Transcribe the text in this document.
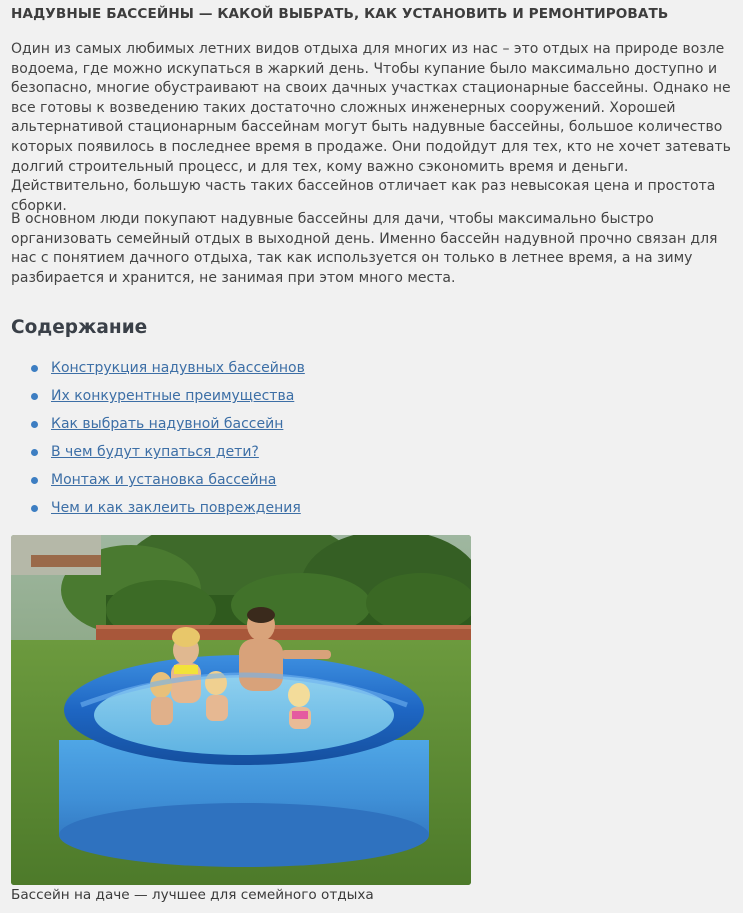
НАДУВНЫЕ БАССЕЙНЫ — КАКОЙ ВЫБРАТЬ, КАК УСТАНОВИТЬ И РЕМОНТИРОВАТЬ

Один из самых любимых летних видов отдыха для многих из нас – это отдых на природе возле водоема, где можно искупаться в жаркий день. Чтобы купание было максимально доступно и безопасно, многие обустраивают на своих дачных участках стационарные бассейны. Однако не все готовы к возведению таких достаточно сложных инженерных сооружений. Хорошей альтернативой стационарным бассейнам могут быть надувные бассейны, большое количество которых появилось в последнее время в продаже. Они подойдут для тех, кто не хочет затевать долгий строительный процесс, и для тех, кому важно сэкономить время и деньги. Действительно, большую часть таких бассейнов отличает как раз невысокая цена и простота сборки.

В основном люди покупают надувные бассейны для дачи, чтобы максимально быстро организовать семейный отдых в выходной день. Именно бассейн надувной прочно связан для нас с понятием дачного отдыха, так как используется он только в летнее время, а на зиму разбирается и хранится, не занимая при этом много места.

Содержание
Конструкция надувных бассейнов
Их конкурентные преимущества
Как выбрать надувной бассейн
В чем будут купаться дети?
Монтаж и установка бассейна
Чем и как заклеить повреждения
Бассейн на даче — лучшее для семейного отдыха
